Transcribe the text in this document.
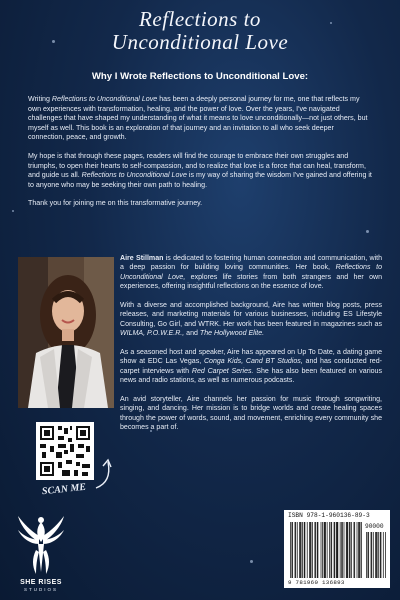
Reflections to
Unconditional Love
Why I Wrote Reflections to Unconditional Love:

Writing Reflections to Unconditional Love has been a deeply personal journey for me, one that reflects my own experiences with transformation, healing, and the power of love. Over the years, I've navigated challenges that have shaped my understanding of what it means to love unconditionally—not just others, but myself as well. This book is an exploration of that journey and an invitation to all who seek deeper connection, peace, and growth.

My hope is that through these pages, readers will find the courage to embrace their own struggles and triumphs, to open their hearts to self-compassion, and to realize that love is a force that can heal, transform, and guide us all. Reflections to Unconditional Love is my way of sharing the wisdom I've gained and offering it to anyone who may be seeking their own path to healing.

Thank you for joining me on this transformative journey.

Aire Stillman is dedicated to fostering human connection and communication, with a deep passion for building loving communities. Her book, Reflections to Unconditional Love, explores life stories from both strangers and her own experiences, offering insightful reflections on the essence of love.

With a diverse and accomplished background, Aire has written blog posts, press releases, and marketing materials for various businesses, including ES Lifestyle Consulting, Go Girl, and WTRK. Her work has been featured in magazines such as WILMA, P.O.W.E.R., and The Hollywood Elite.

As a seasoned host and speaker, Aire has appeared on Up To Date, a dating game show at EDC Las Vegas, Conga Kids, Cand BT Studios, and has conducted red-carpet interviews with Red Carpet Series. She has also been featured on various news and radio stations, as well as numerous podcasts.

An avid storyteller, Aire channels her passion for music through songwriting, singing, and dancing. Her mission is to bridge worlds and create healing spaces through the power of words, sound, and movement, enriching every community she becomes a part of.

SCAN ME
SHE RISES
STUDIOS
ISBN 978-1-960136-89-3
90000
9 781960 136893
